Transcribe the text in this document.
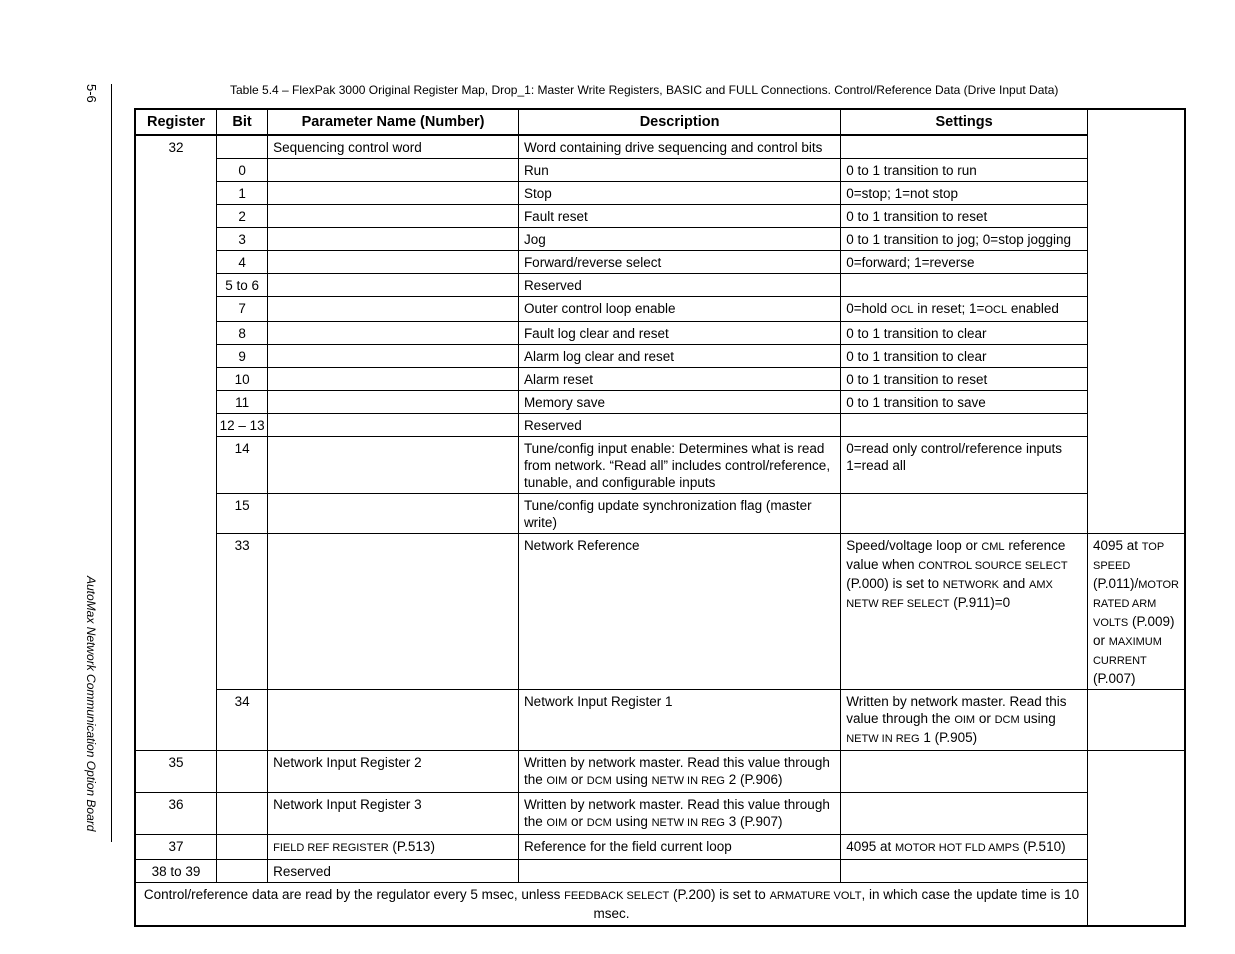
5-6
AutoMax Network Communication Option Board
Table 5.4 – FlexPak 3000 Original Register Map, Drop_1: Master Write Registers, BASIC and FULL Connections. Control/Reference Data (Drive Input Data)
Register	Bit	Parameter Name (Number)	Description	Settings	
32		Sequencing control word	Word containing drive sequencing and control bits		
	0		Run	0 to 1 transition to run	
	1		Stop	0=stop; 1=not stop	
	2		Fault reset	0 to 1 transition to reset	
	3		Jog	0 to 1 transition to jog; 0=stop jogging	
	4		Forward/reverse select	0=forward; 1=reverse	
	5 to 6		Reserved		
	7		Outer control loop enable	0=hold OCL in reset; 1=OCL enabled	
	8		Fault log clear and reset	0 to 1 transition to clear	
	9		Alarm log clear and reset	0 to 1 transition to clear	
	10		Alarm reset	0 to 1 transition to reset	
	11		Memory save	0 to 1 transition to save	
	12 – 13		Reserved		
	14		Tune/config input enable: Determines what is read from network. “Read all” includes control/reference, tunable, and configurable inputs	0=read only control/reference inputs
1=read all	
	15		Tune/config update synchronization flag (master write)		
	33		Network Reference	Speed/voltage loop or CML reference value when CONTROL SOURCE SELECT (P.000) is set to NETWORK and AMX NETW REF SELECT (P.911)=0	4095 at TOP SPEED (P.011)/MOTOR RATED ARM VOLTS (P.009) or MAXIMUM CURRENT (P.007)
	34		Network Input Register 1	Written by network master. Read this value through the OIM or DCM using NETW IN REG 1 (P.905)	
35		Network Input Register 2	Written by network master. Read this value through the OIM or DCM using NETW IN REG 2 (P.906)		
36		Network Input Register 3	Written by network master. Read this value through the OIM or DCM using NETW IN REG 3 (P.907)		
37		FIELD REF REGISTER (P.513)	Reference for the field current loop	4095 at MOTOR HOT FLD AMPS (P.510)	
38 to 39		Reserved			
Control/reference data are read by the regulator every 5 msec, unless FEEDBACK SELECT (P.200) is set to ARMATURE VOLT, in which case the update time is 10 msec.					
